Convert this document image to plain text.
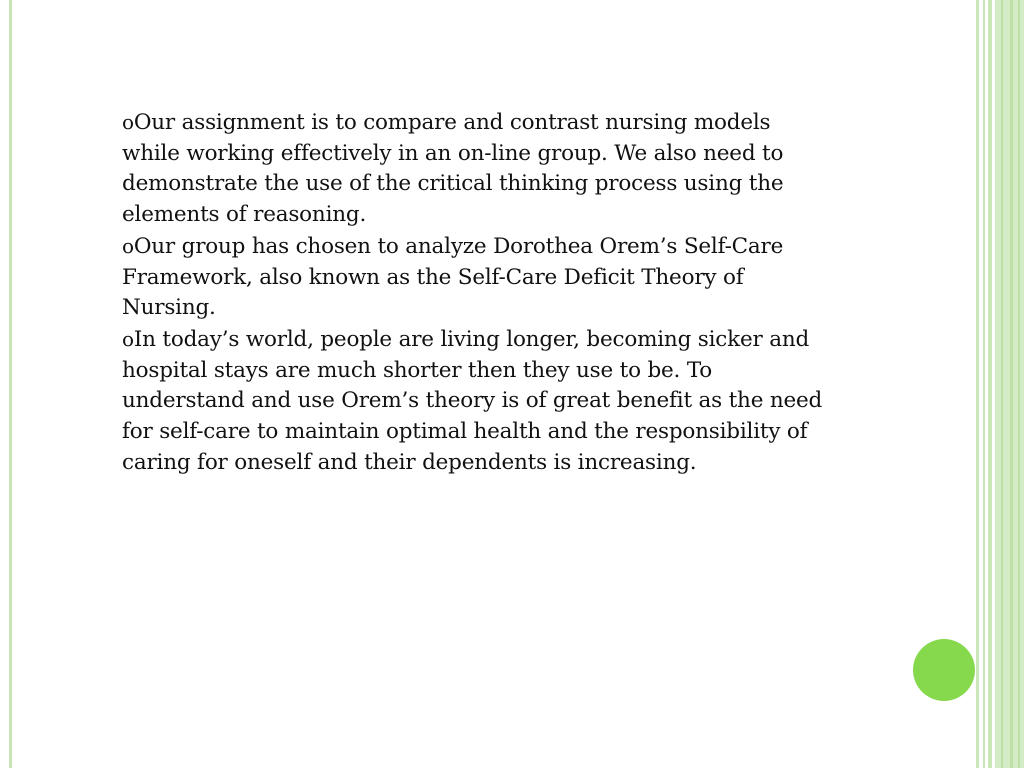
oOur assignment is to compare and contrast nursing models while working effectively in an on-line group. We also need to demonstrate the use of the critical thinking process using the elements of reasoning.

oOur group has chosen to analyze Dorothea Orem’s Self-Care Framework, also known as the Self-Care Deficit Theory of Nursing.

oIn today’s world, people are living longer, becoming sicker and hospital stays are much shorter then they use to be. To understand and use Orem’s theory is of great benefit as the need for self-care to maintain optimal health and the responsibility of caring for oneself and their dependents is increasing.
